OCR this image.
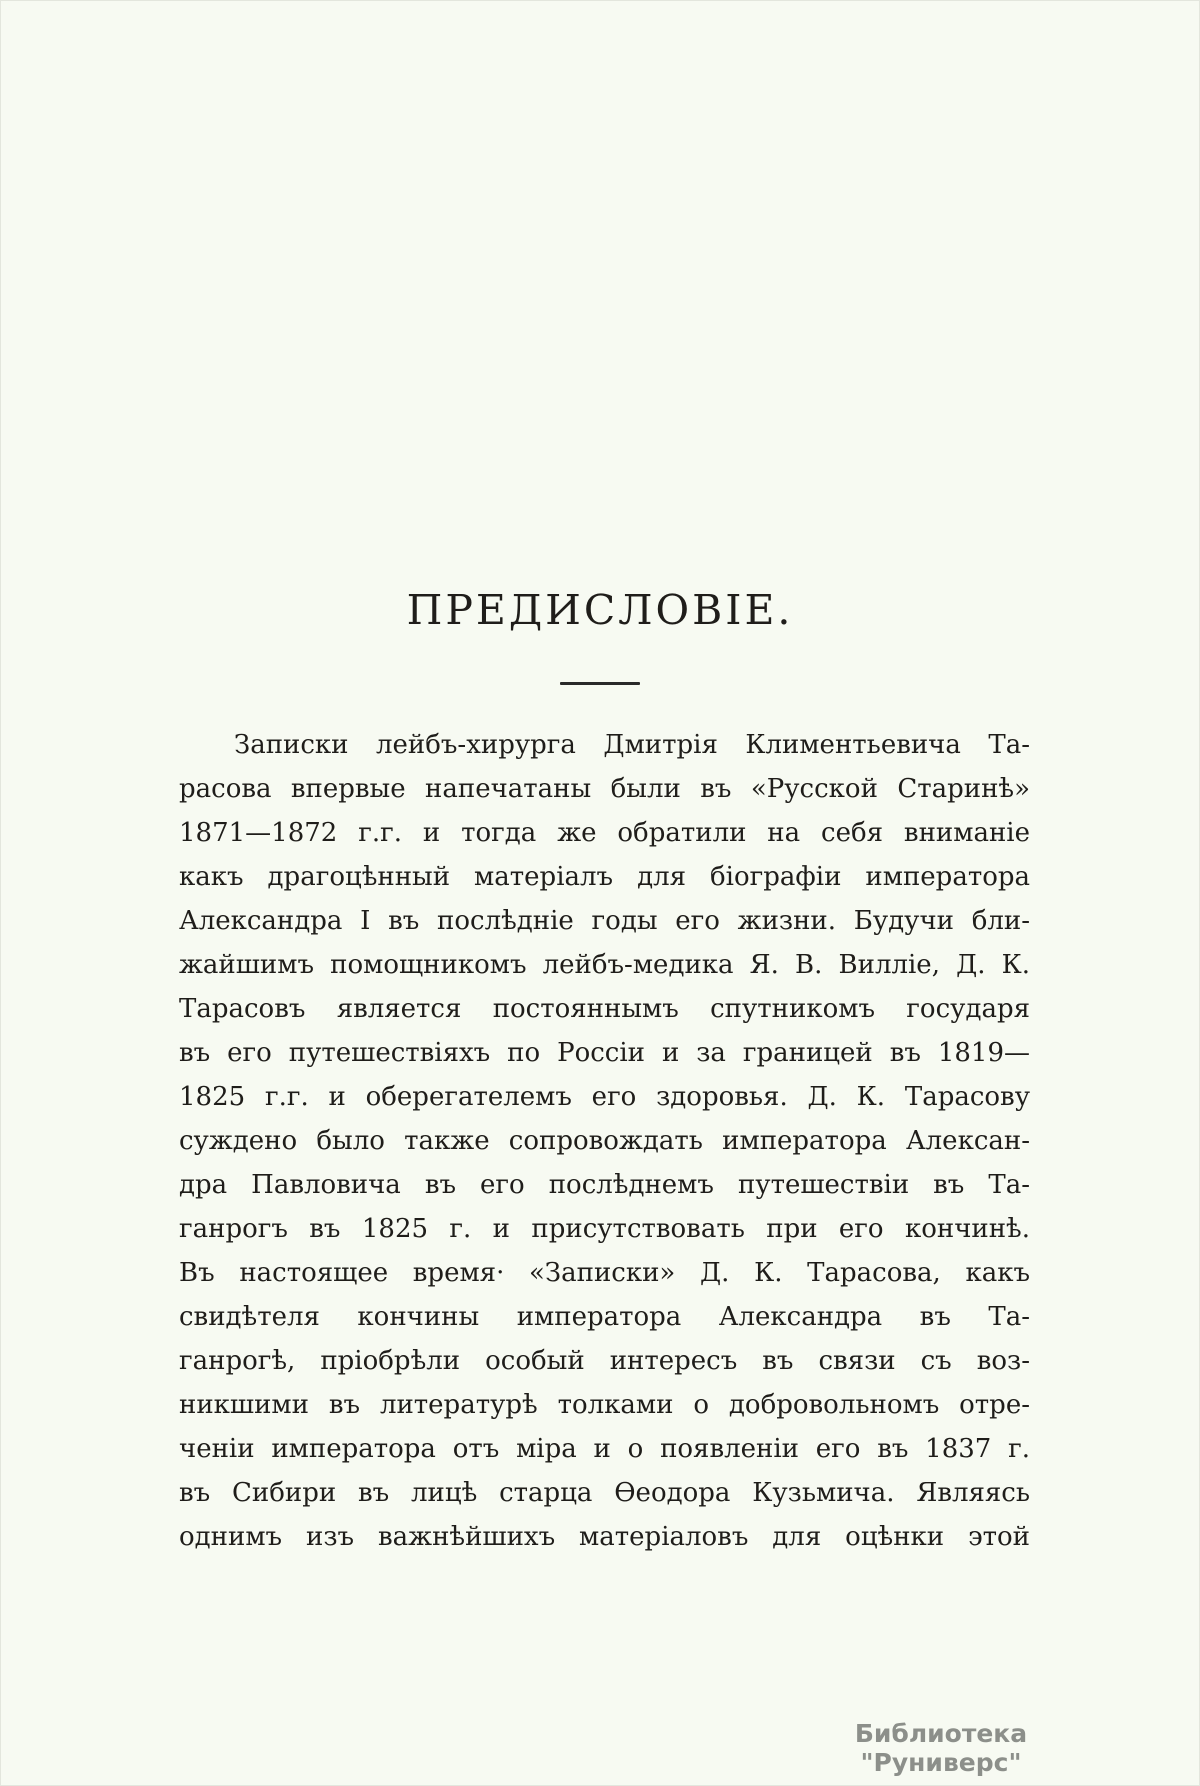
ПРЕДИСЛОВІЕ.
Записки лейбъ-хирурга Дмитрія Климентьевича Та-
расова впервые напечатаны были въ «Русской Старинѣ»
1871—1872 г.г. и тогда же обратили на себя вниманіе
какъ драгоцѣнный матеріалъ для біографіи императора
Александра I въ послѣдніе годы его жизни. Будучи бли-
жайшимъ помощникомъ лейбъ-медика Я. В. Вилліе, Д. К.
Тарасовъ является постояннымъ спутникомъ государя
въ его путешествіяхъ по Россіи и за границей въ 1819—
1825 г.г. и оберегателемъ его здоровья. Д. К. Тарасову
суждено было также сопровождать императора Алексан-
дра Павловича въ его послѣднемъ путешествіи въ Та-
ганрогъ въ 1825 г. и присутствовать при его кончинѣ.
Въ настоящее время· «Записки» Д. К. Тарасова, какъ
свидѣтеля кончины императора Александра въ Та-
ганрогѣ, пріобрѣли особый интересъ въ связи съ воз-
никшими въ литературѣ толками о добровольномъ отре-
ченіи императора отъ міра и о появленіи его въ 1837 г.
въ Сибири въ лицѣ старца Ѳеодора Кузьмича. Являясь
однимъ изъ важнѣйшихъ матеріаловъ для оцѣнки этой
Библиотека "Руниверс"
